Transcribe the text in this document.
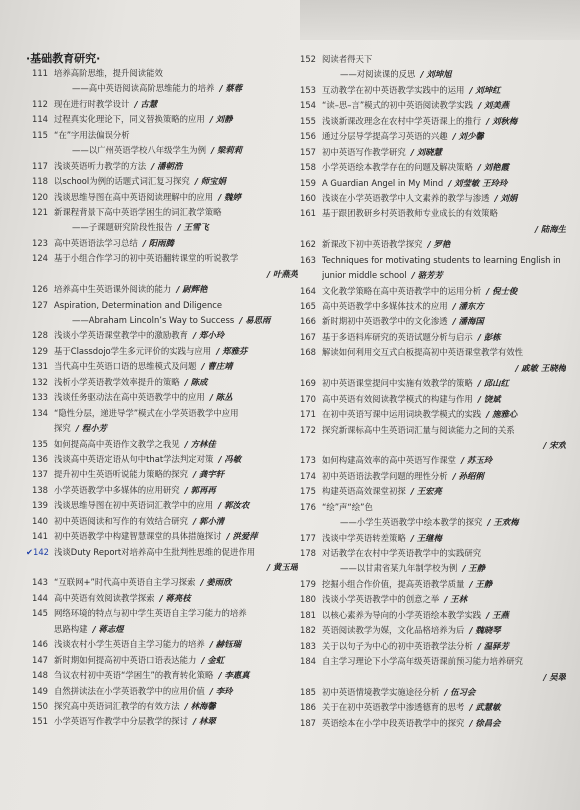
·基础教育研究·
111 培养高阶思维，提升阅读能效
——高中英语阅读高阶思维能力的培养 / 蔡蓉
112 现在进行时教学设计 / 古慧
114 过程真实化理论下，同义替换策略的应用 / 刘静
115 “在”字用法偏误分析
——以广州英语学校八年级学生为例 / 梁莉莉
117 浅谈英语听力教学的方法 / 潘朝浩
118 以school为例的话题式词汇复习探究 / 师宝娟
120 浅谈思维导图在高中英语阅读理解中的应用 / 魏婷
121 新课程背景下高中英语学困生的词汇教学策略
——子课题研究阶段性报告 / 王雪飞
123 高中英语语法学习总结 / 阳雨腾
124 基于小组合作学习的初中英语翻转课堂的听说教学
/ 叶燕英
126 培养高中生英语课外阅读的能力 / 尉辉艳
127 Aspiration, Determination and Diligence
——Abraham Lincoln’s Way to Success / 易思雨
128 浅谈小学英语课堂教学中的激励教育 / 郑小玲
129 基于Classdojo学生多元评价的实践与应用 / 郑雅芬
131 当代高中生英语口语的思维模式及问题 / 曹庄靖
132 浅析小学英语教学效率提升的策略 / 陈成
133 浅谈任务驱动法在高中英语教学中的应用 / 陈丛
134 “隐性分层，递进导学”模式在小学英语教学中应用
探究 / 程小芳
135 如何提高高中英语作文教学之我见 / 方林佳
136 浅谈高中英语定语从句中that学法判定对策 / 冯敏
137 提升初中生英语听说能力策略的探究 / 龚宇轩
138 小学英语教学中多媒体的应用研究 / 郭再再
139 浅谈思维导图在初中英语词汇教学中的应用 / 郭汝农
140 初中英语阅读和写作的有效结合研究 / 郭小清
141 初中英语教学中构建智慧课堂的具体措施探讨 / 洪爱萍
✔142 浅谈Duty Report对培养高中生批判性思维的促进作用
/ 黄玉瑶
143 “互联网+”时代高中英语自主学习探索 / 姜雨欣
144 高中英语有效阅读教学探索 / 蒋亮枝
145 网络环境的特点与初中学生英语自主学习能力的培养
思路构建 / 蒋志煜
146 浅谈农村小学生英语自主学习能力的培养 / 赫钰瑞
147 新时期如何提高初中英语口语表达能力 / 金虹
148 刍议农村初中英语“学困生”的教育转化策略 / 李惠真
149 自然拼读法在小学英语教学中的应用价值 / 李玲
150 探究高中英语词汇教学的有效方法 / 林海馨
151 小学英语写作教学中分层教学的探讨 / 林翠
152 阅读者得天下
——对阅读课的反思 / 刘坤旭
153 互动教学在初中英语教学实践中的运用 / 刘坤红
154 “读–思–言”模式的初中英语阅读教学实践 / 刘美燕
155 浅谈新课改理念在农村中学英语课上的推行 / 刘秋梅
156 通过分层导学提高学习英语的兴趣 / 刘少馨
157 初中英语写作教学研究 / 刘晓慧
158 小学英语绘本教学存在的问题及解决策略 / 刘艳霞
159 A Guardian Angel in My Mind / 刘莹敏 王玲玲
160 浅谈在小学英语教学中人文素养的教学与渗透 / 刘娟
161 基于跟团教研乡村英语教师专业成长的有效策略
/ 陆海生
162 新课改下初中英语教学探究 / 罗艳
163 Techniques for motivating students to learning English in
junior middle school / 骆芳芳
164 文化教学策略在高中英语教学中的运用分析 / 倪士俊
165 高中英语教学中多媒体技术的应用 / 潘东方
166 新时期初中英语教学中的文化渗透 / 潘海国
167 基于多语料库研究的英语试题分析与启示 / 彭栋
168 解读如何利用交互式白板提高初中英语课堂教学有效性
/ 戚敏 王晓梅
169 初中英语课堂提问中实施有效教学的策略 / 邱山红
170 高中英语有效阅读教学模式的构建与作用 / 饶斌
171 在初中英语写课中运用词块教学模式的实践 / 施雅心
172 探究新课标高中生英语词汇量与阅读能力之间的关系
/ 宋欢
173 如何构建高效率的高中英语写作课堂 / 苏玉玲
174 初中英语语法教学问题的理性分析 / 孙绍俐
175 构建英语高效课堂初探 / 王宏亮
176 “绘”声“绘”色
——小学生英语教学中绘本教学的探究 / 王欢梅
177 浅谈中学英语转差策略 / 王继梅
178 对话教学在农村中学英语教学中的实践研究
——以甘肃省某九年制学校为例 / 王静
179 挖掘小组合作价值，提高英语教学质量 / 王静
180 浅谈小学英语教学中的创意之举 / 王林
181 以核心素养为导向的小学英语绘本教学实践 / 王燕
182 英语阅读教学为媒，文化品格培养为后 / 魏晓琴
183 关于以句子为中心的初中英语教学法分析 / 温驿芳
184 自主学习理论下小学高年级英语课前预习能力培养研究
/ 吴翠
185 初中英语情境教学实施途径分析 / 伍习会
186 关于在初中英语教学中渗透德育的思考 / 武慧敏
187 英语绘本在小学中段英语教学中的探究 / 徐昌会
